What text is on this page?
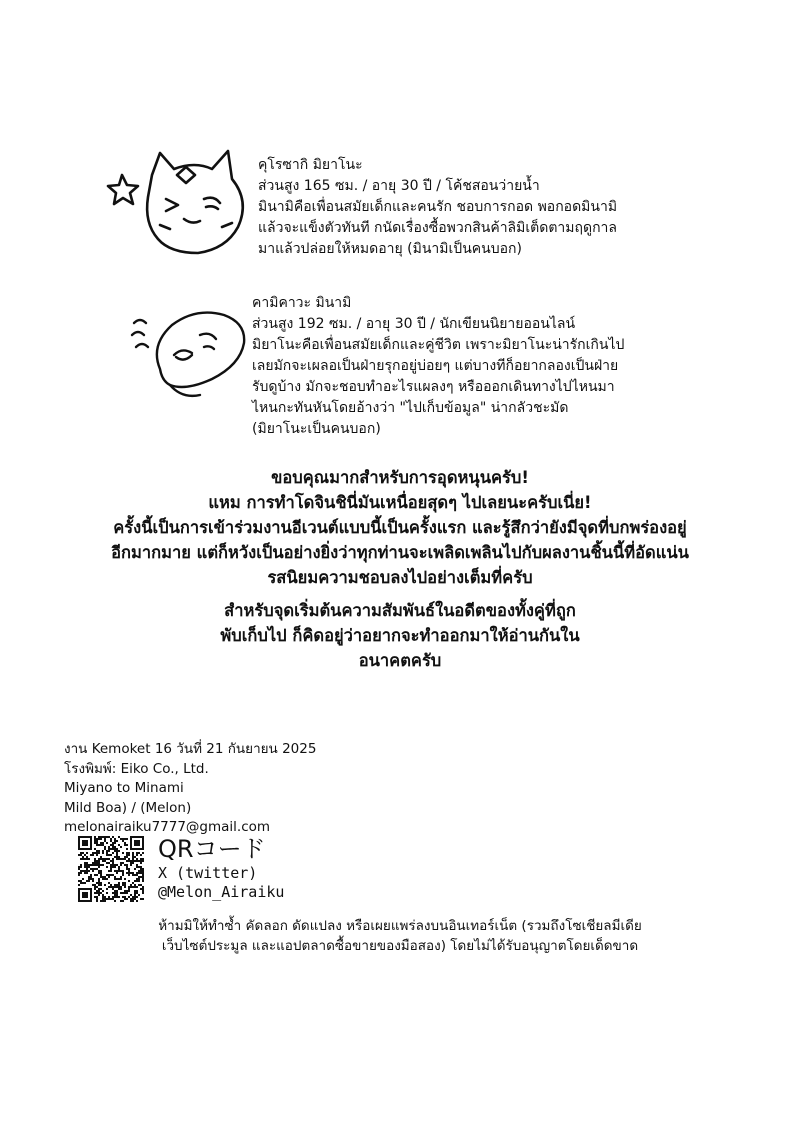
คุโรซากิ มิยาโนะ
ส่วนสูง 165 ซม. / อายุ 30 ปี / โค้ชสอนว่ายน้ำ
มินามิคือเพื่อนสมัยเด็กและคนรัก ชอบการกอด พอกอดมินามิ
แล้วจะแข็งตัวทันที กนัดเรื่องซื้อพวกสินค้าลิมิเต็ดตามฤดูกาล
มาแล้วปล่อยให้หมดอายุ (มินามิเป็นคนบอก)
คามิคาวะ มินามิ
ส่วนสูง 192 ซม. / อายุ 30 ปี / นักเขียนนิยายออนไลน์
มิยาโนะคือเพื่อนสมัยเด็กและคู่ชีวิต เพราะมิยาโนะน่ารักเกินไป
เลยมักจะเผลอเป็นฝ่ายรุกอยู่บ่อยๆ แต่บางทีก็อยากลองเป็นฝ่าย
รับดูบ้าง มักจะชอบทำอะไรแผลงๆ หรือออกเดินทางไปไหนมา
ไหนกะทันหันโดยอ้างว่า "ไปเก็บข้อมูล" น่ากลัวชะมัด
(มิยาโนะเป็นคนบอก)
ขอบคุณมากสำหรับการอุดหนุนครับ!
แหม การทำโดจินชินี่มันเหนื่อยสุดๆ ไปเลยนะครับเนี่ย!
ครั้งนี้เป็นการเข้าร่วมงานอีเวนต์แบบนี้เป็นครั้งแรก และรู้สึกว่ายังมีจุดที่บกพร่องอยู่
อีกมากมาย แต่ก็หวังเป็นอย่างยิ่งว่าทุกท่านจะเพลิดเพลินไปกับผลงานชิ้นนี้ที่อัดแน่น
รสนิยมความชอบลงไปอย่างเต็มที่ครับ
สำหรับจุดเริ่มต้นความสัมพันธ์ในอดีตของทั้งคู่ที่ถูก
พับเก็บไป ก็คิดอยู่ว่าอยากจะทำออกมาให้อ่านกันใน
อนาคตครับ
งาน Kemoket 16 วันที่ 21 กันยายน 2025
โรงพิมพ์: Eiko Co., Ltd.
Miyano to Minami
Mild Boa) / (Melon)
melonairaiku7777@gmail.com
QRコード
X (twitter)
@Melon_Airaiku
ห้ามมิให้ทำซ้ำ คัดลอก ดัดแปลง หรือเผยแพร่ลงบนอินเทอร์เน็ต (รวมถึงโซเชียลมีเดีย
เว็บไซต์ประมูล และแอปตลาดซื้อขายของมือสอง) โดยไม่ได้รับอนุญาตโดยเด็ดขาด
